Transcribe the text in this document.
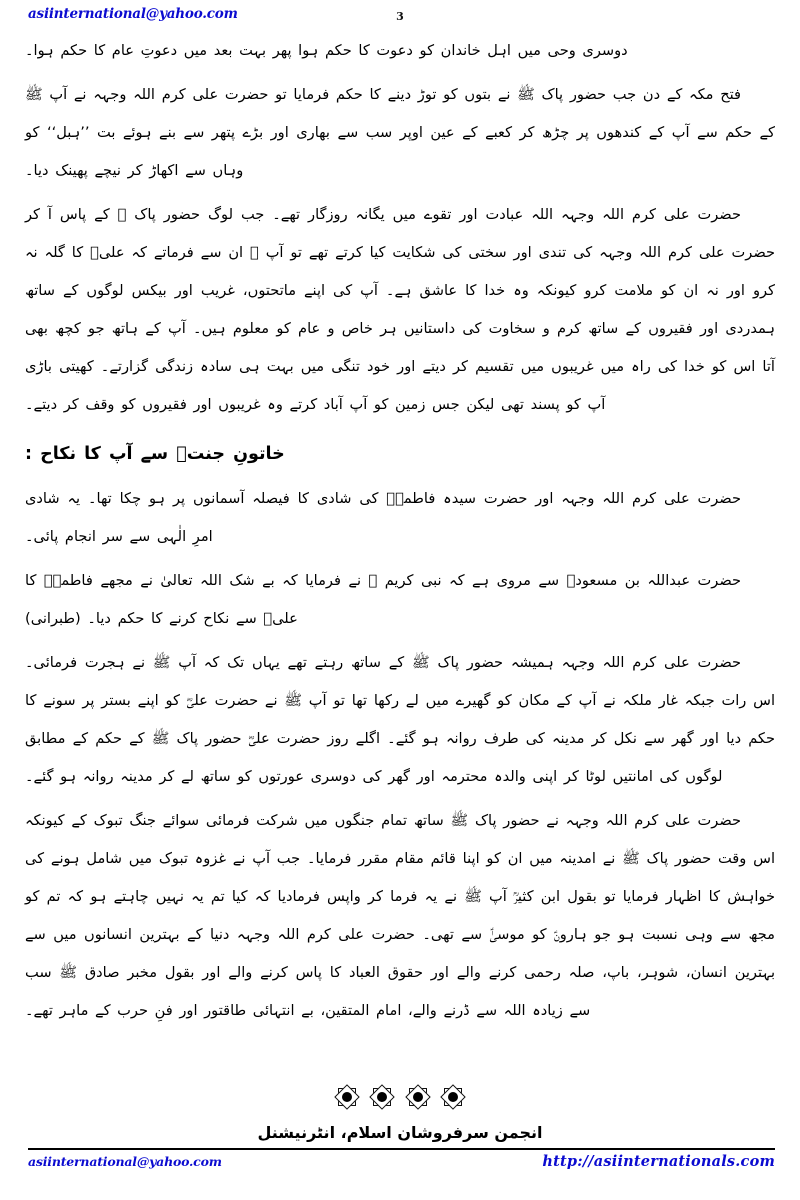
asiinternational@yahoo.com	3

دوسری وحی میں اہل خاندان کو دعوت کا حکم ہوا پھر بہت بعد میں دعوتِ عام کا حکم ہوا۔

فتح مکہ کے دن جب حضور پاک ﷺ نے بتوں کو توڑ دینے کا حکم فرمایا تو حضرت علی کرم اللہ وجہہ نے آپ ﷺ کے حکم سے آپ کے کندھوں پر چڑھ کر کعبے کے عین اوپر سب سے بھاری اور بڑے پتھر سے بنے ہوئے بت ’’ہبل‘‘ کو وہاں سے اکھاڑ کر نیچے پھینک دیا۔

حضرت علی کرم اللہ وجہہ اللہ عبادت اور تقوے میں یگانہ روزگار تھے۔ جب لوگ حضور پاک ﷺ کے پاس آ کر حضرت علی کرم اللہ وجہہ کی تندی اور سختی کی شکایت کیا کرتے تھے تو آپ ﷺ ان سے فرماتے کہ علیؓ کا گلہ نہ کرو اور نہ ان کو ملامت کرو کیونکہ وہ خدا کا عاشق ہے۔ آپ کی اپنے ماتحتوں، غریب اور بیکس لوگوں کے ساتھ ہمدردی اور فقیروں کے ساتھ کرم و سخاوت کی داستانیں ہر خاص و عام کو معلوم ہیں۔ آپ کے ہاتھ جو کچھ بھی آتا اس کو خدا کی راہ میں غریبوں میں تقسیم کر دیتے اور خود تنگی میں بہت ہی سادہ زندگی گزارتے۔ کھیتی باڑی آپ کو پسند تھی لیکن جس زمین کو آپ آباد کرتے وہ غریبوں اور فقیروں کو وقف کر دیتے۔

خاتونِ جنتؓ سے آپ کا نکاح :

حضرت علی کرم اللہ وجہہ اور حضرت سیدہ فاطمہؓ کی شادی کا فیصلہ آسمانوں پر ہو چکا تھا۔ یہ شادی امرِ الٰہی سے سر انجام پائی۔

حضرت عبداللہ بن مسعودؓ سے مروی ہے کہ نبی کریم ﷺ نے فرمایا کہ بے شک اللہ تعالیٰ نے مجھے فاطمہؓ کا علیؓ سے نکاح کرنے کا حکم دیا۔ (طبرانی)

حضرت علی کرم اللہ وجہہ ہمیشہ حضور پاک ﷺ کے ساتھ رہتے تھے یہاں تک کہ آپ ﷺ نے ہجرت فرمائی۔ اس رات جبکہ غار ملکہ نے آپ کے مکان کو گھیرے میں لے رکھا تھا تو آپ ﷺ نے حضرت علیؓ کو اپنے بستر پر سونے کا حکم دیا اور گھر سے نکل کر مدینہ کی طرف روانہ ہو گئے۔ اگلے روز حضرت علیؓ حضور پاک ﷺ کے حکم کے مطابق لوگوں کی امانتیں لوٹا کر اپنی والدہ محترمہ اور گھر کی دوسری عورتوں کو ساتھ لے کر مدینہ روانہ ہو گئے۔

حضرت علی کرم اللہ وجہہ نے حضور پاک ﷺ ساتھ تمام جنگوں میں شرکت فرمائی سوائے جنگ تبوک کے کیونکہ اس وقت حضور پاک ﷺ نے امدینہ میں ان کو اپنا قائم مقام مقرر فرمایا۔ جب آپ نے غزوہ تبوک میں شامل ہونے کی خواہش کا اظہار فرمایا تو بقول ابن کثیرؒ آپ ﷺ نے یہ فرما کر واپس فرمادیا کہ کیا تم یہ نہیں چاہتے ہو کہ تم کو مجھ سے وہی نسبت ہو جو ہارونؑ کو موسیٰؑ سے تھی۔ حضرت علی کرم اللہ وجہہ دنیا کے بہترین انسانوں میں سے بہترین انسان، شوہر، باپ، صلہ رحمی کرنے والے اور حقوق العباد کا پاس کرنے والے اور بقول مخبر صادق ﷺ سب سے زیادہ اللہ سے ڈرنے والے، امام المتقین، بے انتہائی طاقتور اور فنِ حرب کے ماہر تھے۔

انجمن سرفروشان اسلام، انٹرنیشنل
asiinternational@yahoo.com	http://asiinternationals.com
